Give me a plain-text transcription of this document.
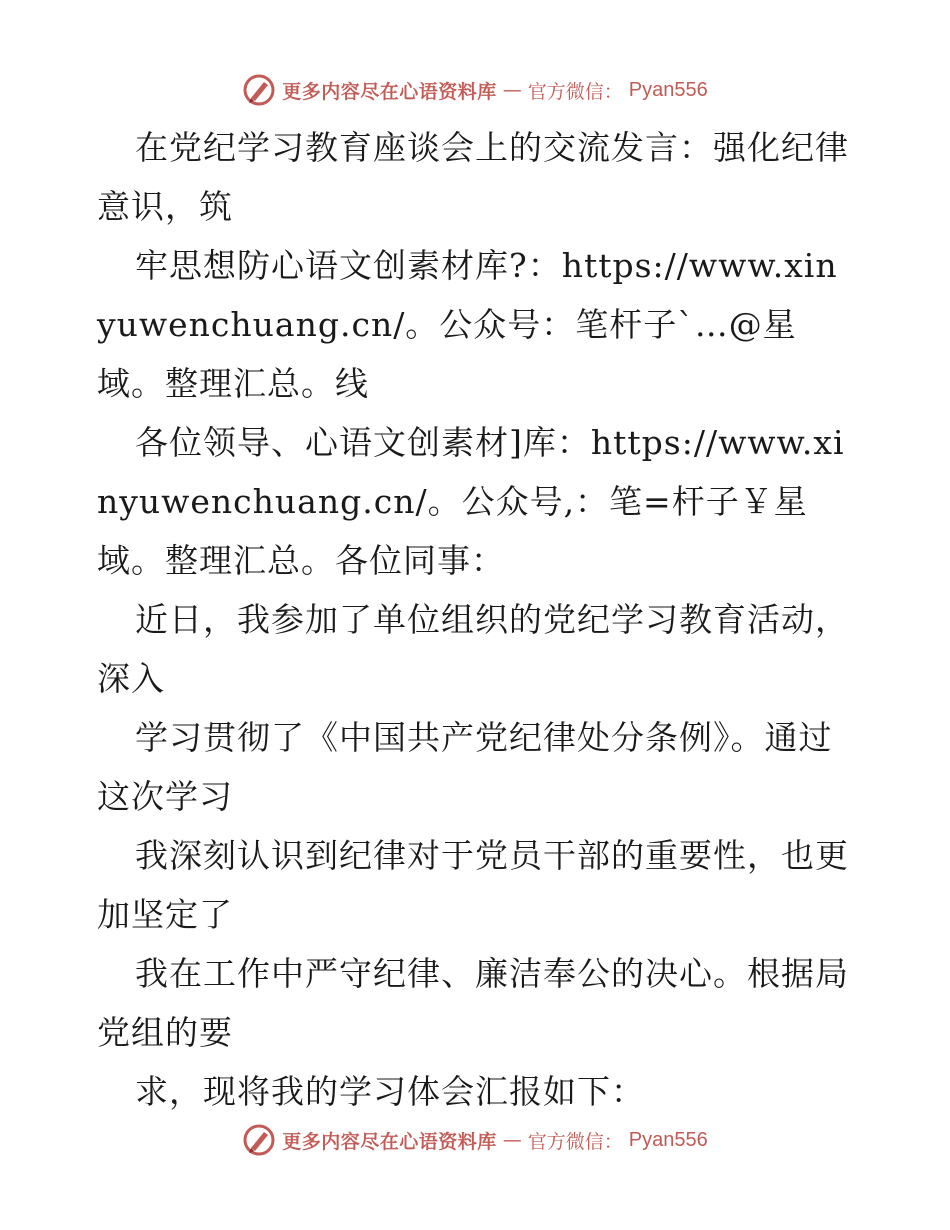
更多内容尽在心语资料库 — 官方微信： Pyan556

在党纪学习教育座谈会上的交流发言：强化纪律意识，筑

牢思想防心语文创素材库?：https://www.xinyuwenchuang.cn/。公众号：笔杆子`…@星域。整理汇总。线

各位领导、心语文创素材]库：https://www.xinyuwenchuang.cn/。公众号,：笔=杆子￥星域。整理汇总。各位同事：

近日，我参加了单位组织的党纪学习教育活动，深入

学习贯彻了《中国共产党纪律处分条例》。通过这次学习

我深刻认识到纪律对于党员干部的重要性，也更加坚定了

我在工作中严守纪律、廉洁奉公的决心。根据局党组的要

求，现将我的学习体会汇报如下：

更多内容尽在心语资料库 — 官方微信： Pyan556
